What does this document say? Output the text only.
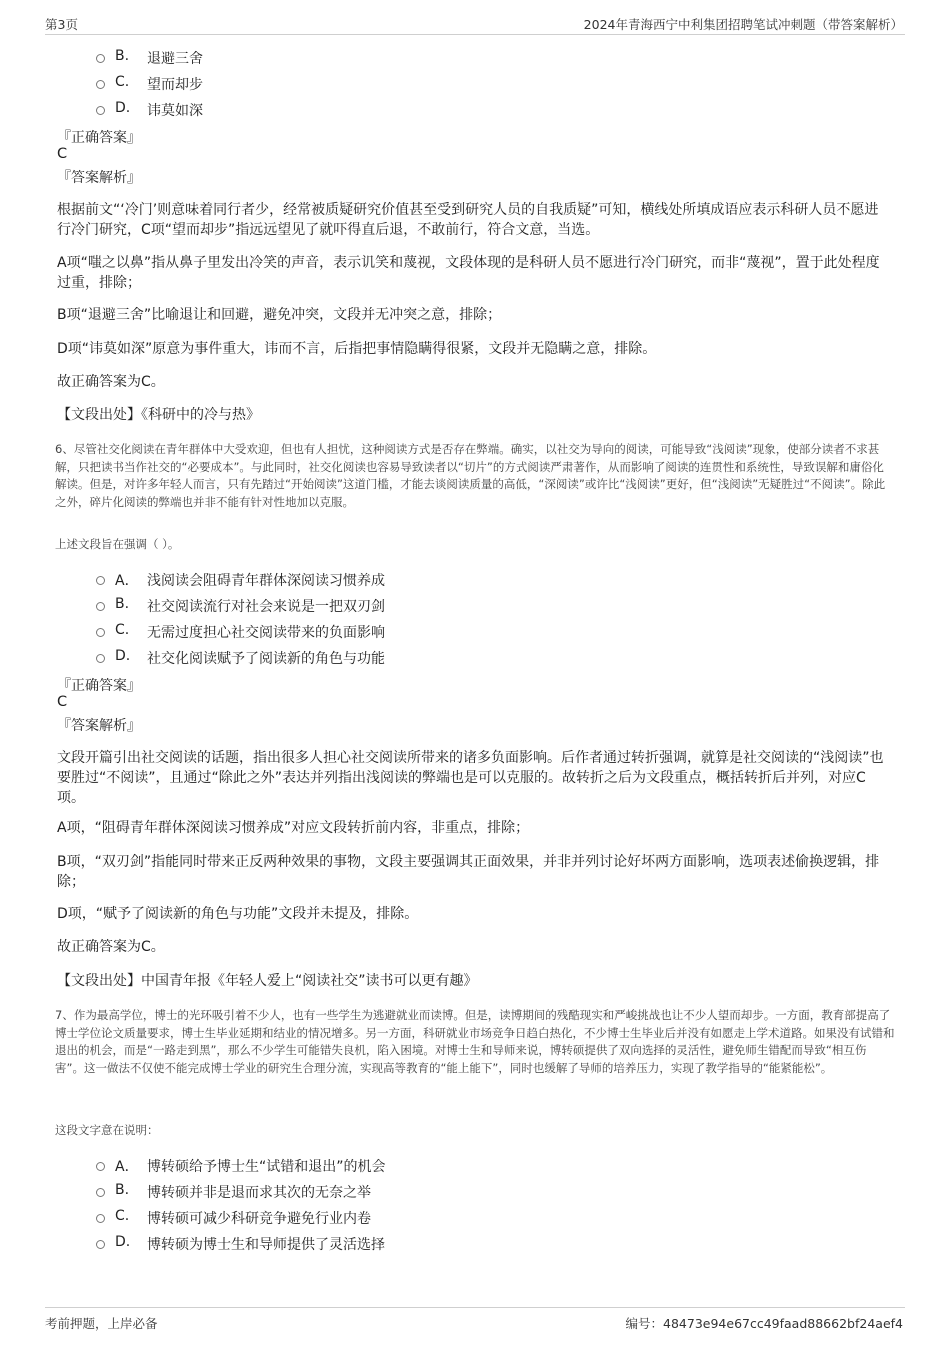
第3页	2024年青海西宁中利集团招聘笔试冲刺题（带答案解析）
B. 退避三舍
C. 望而却步
D. 讳莫如深
『正确答案』
C
『答案解析』
根据前文“‘冷门’则意味着同行者少，经常被质疑研究价值甚至受到研究人员的自我质疑”可知，横线处所填成语应表示科研人员不愿进行冷门研究，C项“望而却步”指远远望见了就吓得直后退，不敢前行，符合文意，当选。
A项“嗤之以鼻”指从鼻子里发出冷笑的声音，表示讥笑和蔑视，文段体现的是科研人员不愿进行冷门研究，而非“蔑视”，置于此处程度过重，排除；
B项“退避三舍”比喻退让和回避，避免冲突，文段并无冲突之意，排除；
D项“讳莫如深”原意为事件重大，讳而不言，后指把事情隐瞒得很紧，文段并无隐瞒之意，排除。
故正确答案为C。
【文段出处】《科研中的冷与热》
6、尽管社交化阅读在青年群体中大受欢迎，但也有人担忧，这种阅读方式是否存在弊端。确实，以社交为导向的阅读，可能导致“浅阅读”现象，使部分读者不求甚解，只把读书当作社交的“必要成本”。与此同时，社交化阅读也容易导致读者以“切片”的方式阅读严肃著作，从而影响了阅读的连贯性和系统性，导致误解和庸俗化解读。但是，对许多年轻人而言，只有先踏过“开始阅读”这道门槛，才能去谈阅读质量的高低，“深阅读”或许比“浅阅读”更好，但“浅阅读”无疑胜过“不阅读”。除此之外，碎片化阅读的弊端也并非不能有针对性地加以克服。
上述文段旨在强调（ ）。
A． 浅阅读会阻碍青年群体深阅读习惯养成
B. 社交阅读流行对社会来说是一把双刃剑
C. 无需过度担心社交阅读带来的负面影响
D. 社交化阅读赋予了阅读新的角色与功能
『正确答案』
C
『答案解析』
文段开篇引出社交阅读的话题，指出很多人担心社交阅读所带来的诸多负面影响。后作者通过转折强调，就算是社交阅读的“浅阅读”也要胜过“不阅读”，且通过“除此之外”表达并列指出浅阅读的弊端也是可以克服的。故转折之后为文段重点，概括转折后并列，对应C项。
A项，“阻碍青年群体深阅读习惯养成”对应文段转折前内容，非重点，排除；
B项，“双刃剑”指能同时带来正反两种效果的事物，文段主要强调其正面效果，并非并列讨论好坏两方面影响，选项表述偷换逻辑，排除；
D项，“赋予了阅读新的角色与功能”文段并未提及，排除。
故正确答案为C。
【文段出处】中国青年报《年轻人爱上“阅读社交”读书可以更有趣》
7、作为最高学位，博士的光环吸引着不少人，也有一些学生为逃避就业而读博。但是，读博期间的残酷现实和严峻挑战也让不少人望而却步。一方面，教育部提高了博士学位论文质量要求，博士生毕业延期和结业的情况增多。另一方面，科研就业市场竞争日趋白热化，不少博士生毕业后并没有如愿走上学术道路。如果没有试错和退出的机会，而是“一路走到黑”，那么不少学生可能错失良机，陷入困境。对博士生和导师来说，博转硕提供了双向选择的灵活性，避免师生错配而导致“相互伤害”。这一做法不仅使不能完成博士学业的研究生合理分流，实现高等教育的“能上能下”，同时也缓解了导师的培养压力，实现了教学指导的“能紧能松”。
这段文字意在说明：
A． 博转硕给予博士生“试错和退出”的机会
B. 博转硕并非是退而求其次的无奈之举
C. 博转硕可减少科研竞争避免行业内卷
D. 博转硕为博士生和导师提供了灵活选择
考前押题，上岸必备	编号：48473e94e67cc49faad88662bf24aef4
